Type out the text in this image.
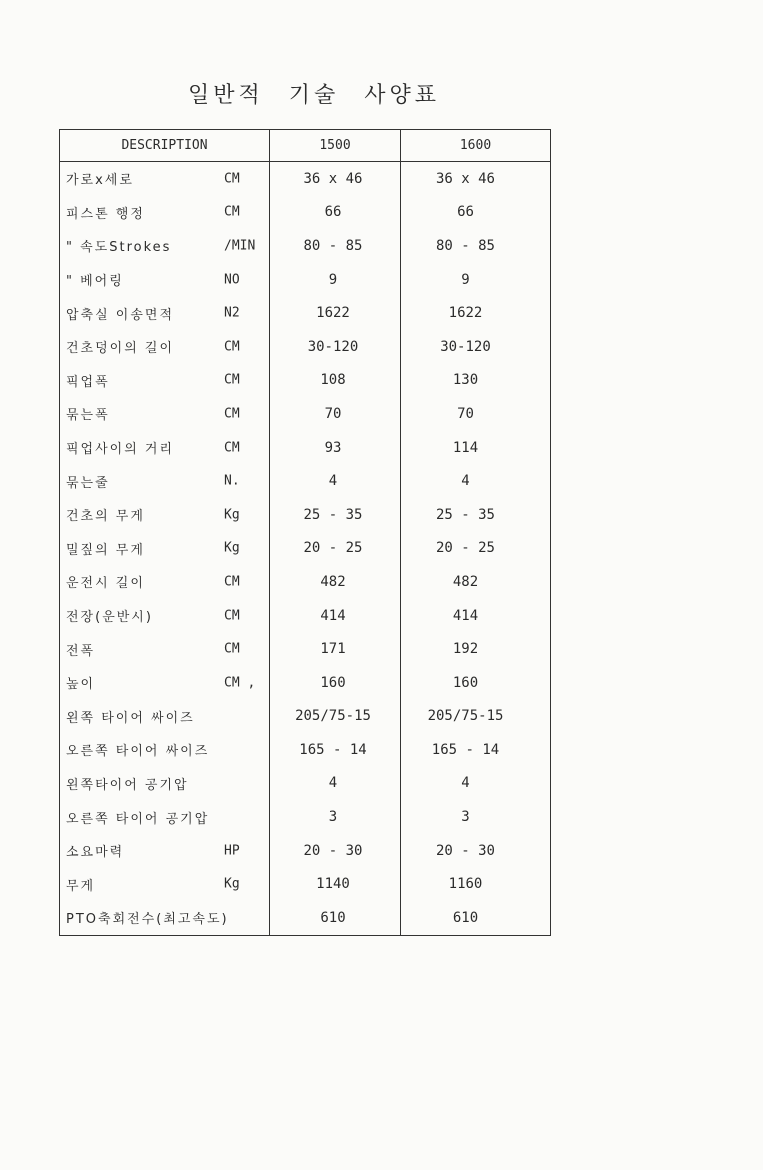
일반적 기술 사양표
DESCRIPTION	1500	1600
가로x세로 CM	36 x 46	36 x 46
피스톤 행정 CM	66	66
" 속도Strokes /MIN	80 - 85	80 - 85
" 베어링 NO	9	9
압축실 이송면적 N2	1622	1622
건초덩이의 길이 CM	30-120	30-120
픽업폭 CM	108	130
묶는폭 CM	70	70
픽업사이의 거리 CM	93	114
묶는줄 N.	4	4
건초의 무게 Kg	25 - 35	25 - 35
밀짚의 무게 Kg	20 - 25	20 - 25
운전시 길이 CM	482	482
전장(운반시) CM	414	414
전폭 CM	171	192
높이 CM ,	160	160
왼쪽 타이어 싸이즈	205/75-15	205/75-15
오른쪽 타이어 싸이즈	165 - 14	165 - 14
왼쪽타이어 공기압	4	4
오른쪽 타이어 공기압	3	3
소요마력 HP	20 - 30	20 - 30
무게 Kg	1140	1160
PTO축회전수(최고속도)	610	610
